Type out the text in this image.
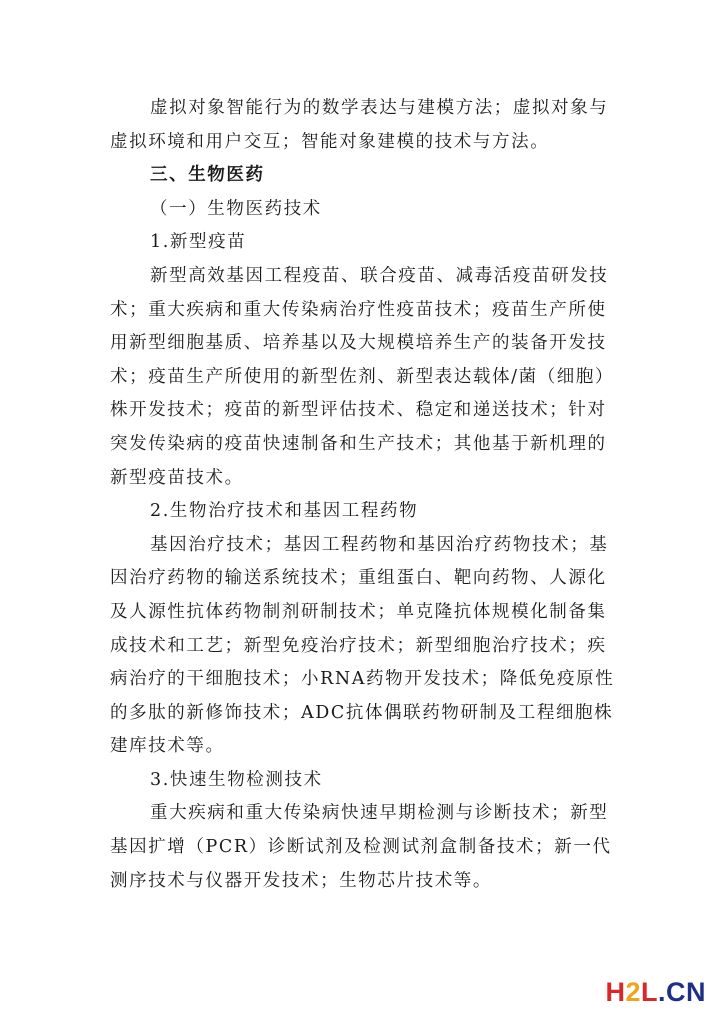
虚拟对象智能行为的数学表达与建模方法；虚拟对象与虚拟环境和用户交互；智能对象建模的技术与方法。

三、生物医药

（一）生物医药技术

1.新型疫苗

新型高效基因工程疫苗、联合疫苗、减毒活疫苗研发技术；重大疾病和重大传染病治疗性疫苗技术；疫苗生产所使用新型细胞基质、培养基以及大规模培养生产的装备开发技术；疫苗生产所使用的新型佐剂、新型表达载体/菌（细胞）株开发技术；疫苗的新型评估技术、稳定和递送技术；针对突发传染病的疫苗快速制备和生产技术；其他基于新机理的新型疫苗技术。

2.生物治疗技术和基因工程药物

基因治疗技术；基因工程药物和基因治疗药物技术；基因治疗药物的输送系统技术；重组蛋白、靶向药物、人源化及人源性抗体药物制剂研制技术；单克隆抗体规模化制备集成技术和工艺；新型免疫治疗技术；新型细胞治疗技术；疾病治疗的干细胞技术；小RNA药物开发技术；降低免疫原性的多肽的新修饰技术；ADC抗体偶联药物研制及工程细胞株建库技术等。

3.快速生物检测技术

重大疾病和重大传染病快速早期检测与诊断技术；新型基因扩增（PCR）诊断试剂及检测试剂盒制备技术；新一代测序技术与仪器开发技术；生物芯片技术等。

H2L.CN
